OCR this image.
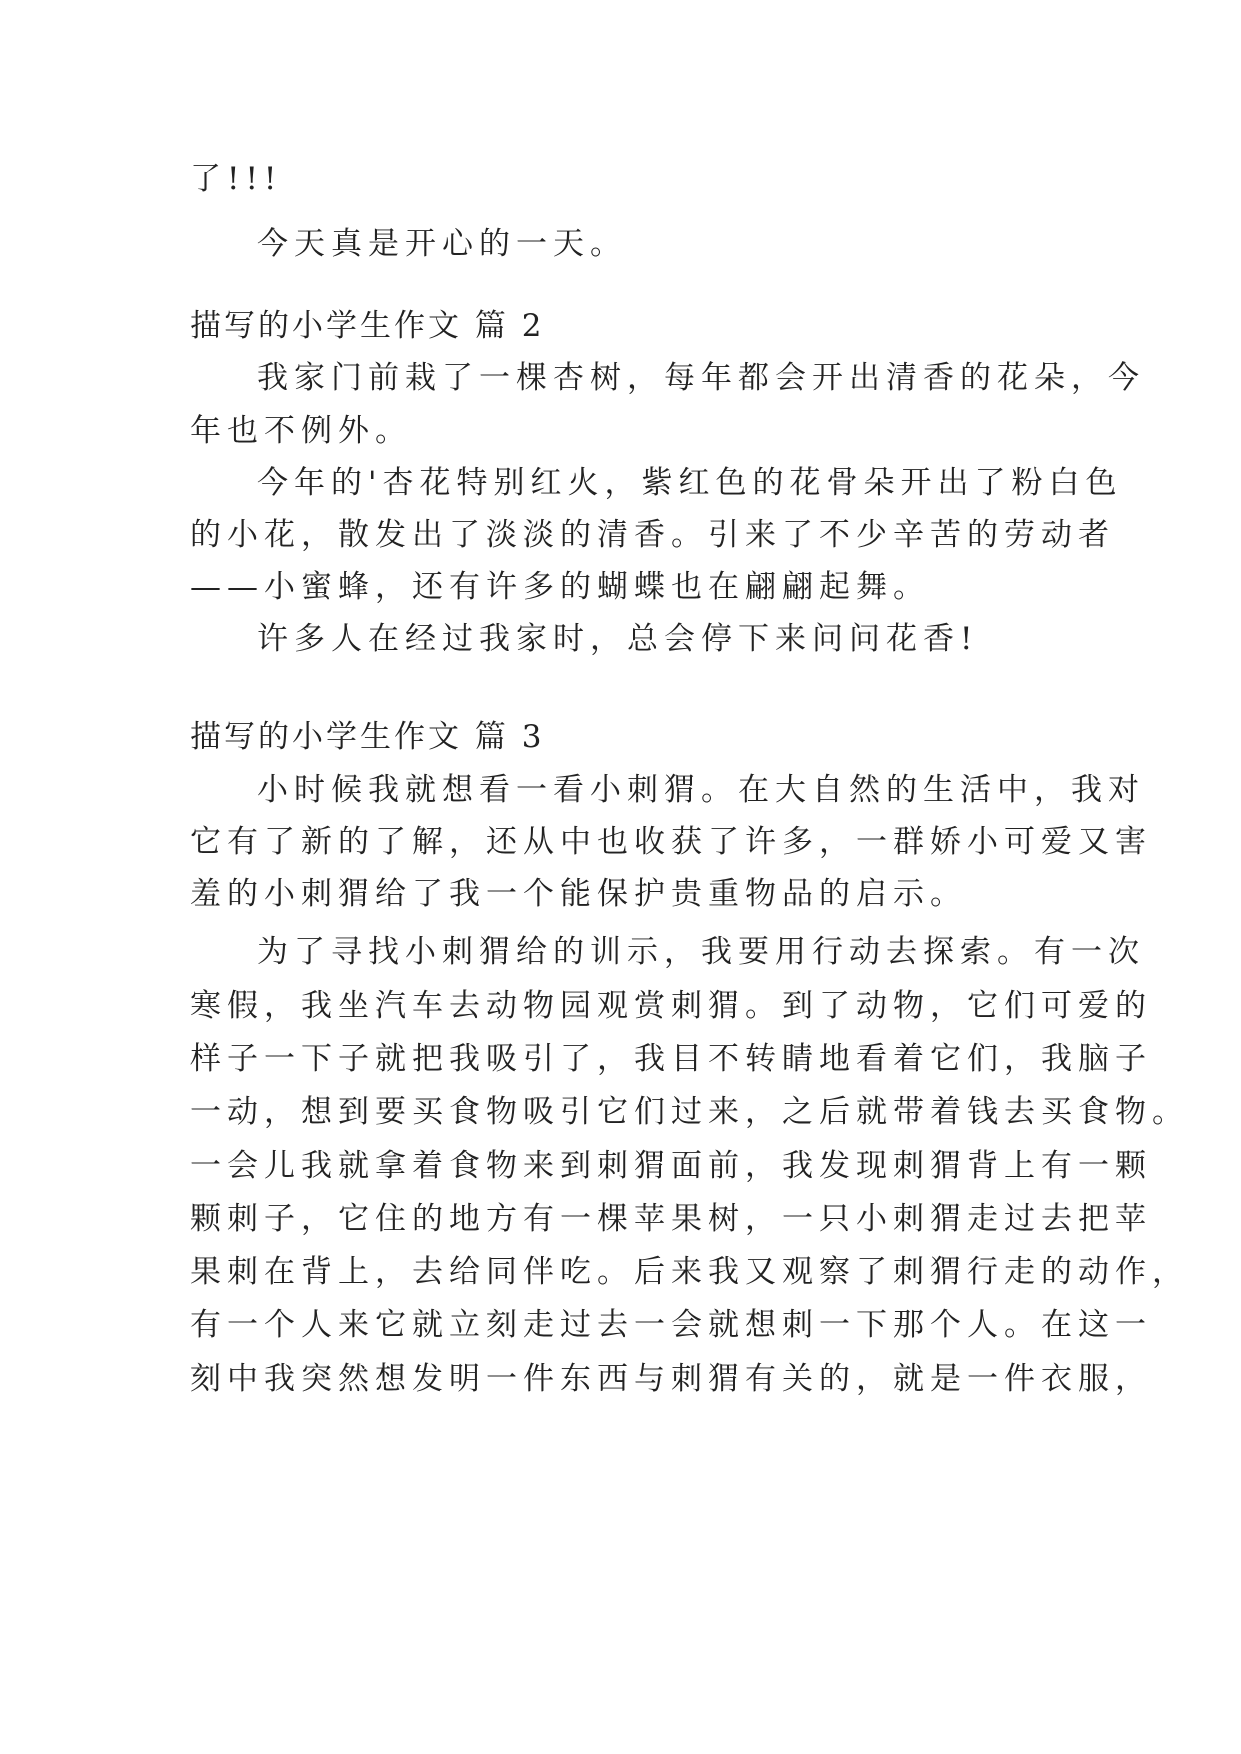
了!!!
今天真是开心的一天。
描写的小学生作文 篇 2
我家门前栽了一棵杏树，每年都会开出清香的花朵，今
年也不例外。
今年的'杏花特别红火，紫红色的花骨朵开出了粉白色
的小花，散发出了淡淡的清香。引来了不少辛苦的劳动者
——小蜜蜂，还有许多的蝴蝶也在翩翩起舞。
许多人在经过我家时，总会停下来问问花香!
描写的小学生作文 篇 3
小时候我就想看一看小刺猬。在大自然的生活中，我对
它有了新的了解，还从中也收获了许多，一群娇小可爱又害
羞的小刺猬给了我一个能保护贵重物品的启示。
为了寻找小刺猬给的训示，我要用行动去探索。有一次
寒假，我坐汽车去动物园观赏刺猬。到了动物，它们可爱的
样子一下子就把我吸引了，我目不转睛地看着它们，我脑子
一动，想到要买食物吸引它们过来，之后就带着钱去买食物。
一会儿我就拿着食物来到刺猬面前，我发现刺猬背上有一颗
颗刺子，它住的地方有一棵苹果树，一只小刺猬走过去把苹
果刺在背上，去给同伴吃。后来我又观察了刺猬行走的动作，
有一个人来它就立刻走过去一会就想刺一下那个人。在这一
刻中我突然想发明一件东西与刺猬有关的，就是一件衣服，
